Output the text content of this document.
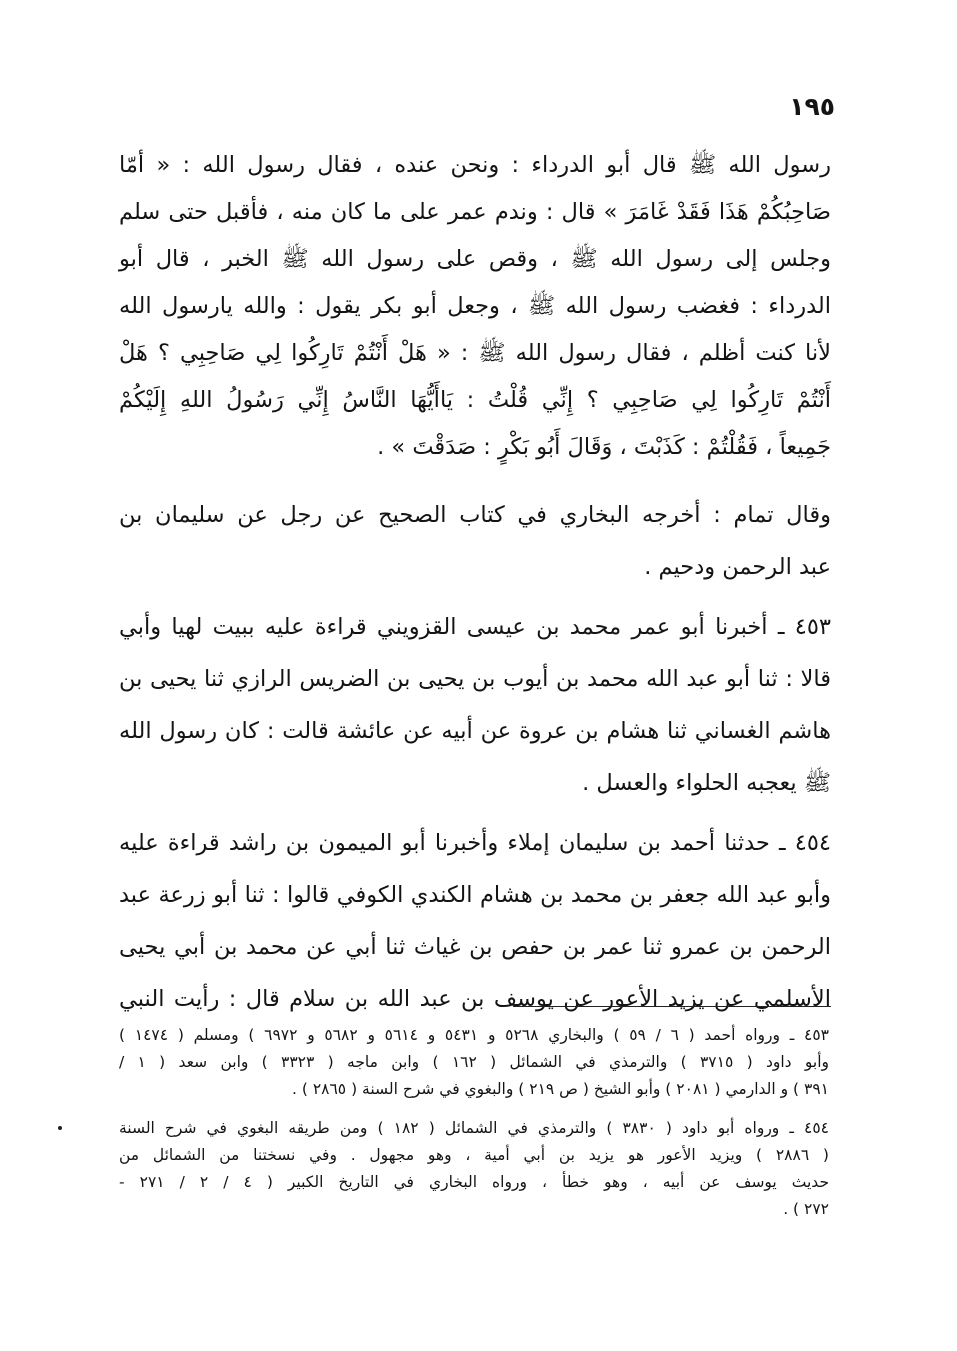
١٩٥

رسول الله ﷺ قال أبو الدرداء : ونحن عنده ، فقال رسول الله : « أمّا
صَاحِبُكُمْ هَذَا فَقَدْ غَامَرَ » قال : وندم عمر على ما كان منه ، فأقبل حتى سلم
وجلس إلى رسول الله ﷺ ، وقص على رسول الله ﷺ الخبر ، قال أبو
الدرداء : فغضب رسول الله ﷺ ، وجعل أبو بكر يقول : والله يارسول الله
لأنا كنت أظلم ، فقال رسول الله ﷺ : « هَلْ أَنْتُمْ تَارِكُوا لِي صَاحِبِي ؟ هَلْ
أَنْتُمْ تَارِكُوا لِي صَاحِبِي ؟ إِنِّي قُلْتُ : يَاأَيُّهَا النَّاسُ إِنِّي رَسُولُ اللهِ إِلَيْكُمْ
جَمِيعاً ، فَقُلْتُمْ : كَذَبْتَ ، وَقَالَ أَبُو بَكْرٍ : صَدَقْتَ » .

وقال تمام : أخرجه البخاري في كتاب الصحيح عن رجل عن سليمان بن
عبد الرحمن ودحيم .

٤٥٣ ـ أخبرنا أبو عمر محمد بن عيسى القزويني قراءة عليه ببيت لهيا وأبي
قالا : ثنا أبو عبد الله محمد بن أيوب بن يحيى بن الضريس الرازي ثنا يحيى بن
هاشم الغساني ثنا هشام بن عروة عن أبيه عن عائشة قالت : كان رسول الله
ﷺ يعجبه الحلواء والعسل .

٤٥٤ ـ حدثنا أحمد بن سليمان إملاء وأخبرنا أبو الميمون بن راشد قراءة عليه
وأبو عبد الله جعفر بن محمد بن هشام الكندي الكوفي قالوا : ثنا أبو زرعة عبد
الرحمن بن عمرو ثنا عمر بن حفص بن غياث ثنا أبي عن محمد بن أبي يحيى
الأسلمي عن يزيد الأعور عن يوسف بن عبد الله بن سلام قال : رأيت النبي

٤٥٣ ـ ورواه أحمد ( ٦ / ٥٩ ) والبخاري ٥٢٦٨ و ٥٤٣١ و ٥٦١٤ و ٥٦٨٢ و ٦٩٧٢ ) ومسلم ( ١٤٧٤ )
وأبو داود ( ٣٧١٥ ) والترمذي في الشمائل ( ١٦٢ ) وابن ماجه ( ٣٣٢٣ ) وابن سعد ( ١ /
٣٩١ ) و الدارمي ( ٢٠٨١ ) وأبو الشيخ ( ص ٢١٩ ) والبغوي في شرح السنة ( ٢٨٦٥ ) .
٤٥٤ ـ ورواه أبو داود ( ٣٨٣٠ ) والترمذي في الشمائل ( ١٨٢ ) ومن طريقه البغوي في شرح السنة
( ٢٨٨٦ ) ويزيد الأعور هو يزيد بن أبي أمية ، وهو مجهول . وفي نسختنا من الشمائل من
حديث يوسف عن أبيه ، وهو خطأ ، ورواه البخاري في التاريخ الكبير ( ٤ / ٢ / ٢٧١ -
٢٧٢ ) .
